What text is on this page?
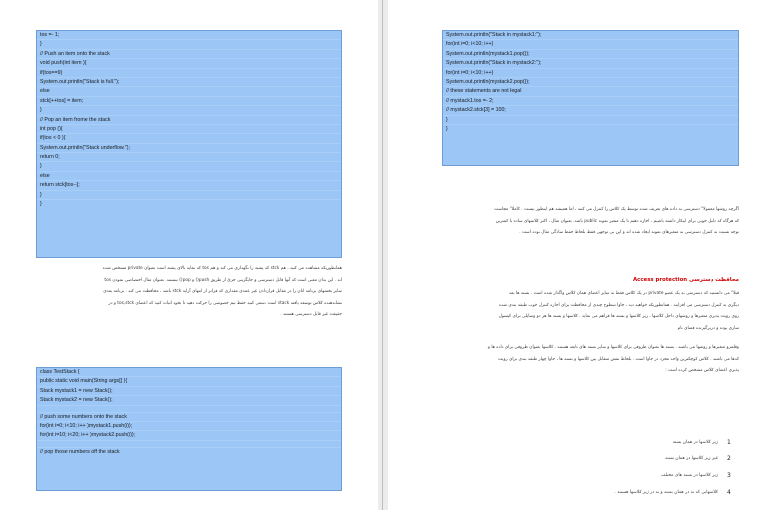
tos =- 1;
}
// Push an item onto the stack
void push(int item ){
if(tos==9)
System.out.println("Stack is full.");
else
stck[++tos] = item;
}
// Pop an item frome the stack
int pop (){
if(tos < 0 ){
System.out.println("Stack underflow.");
return 0;
}
else
return stck[tos--];
}
}
همانطوریکه مشاهده می کنید ، هم stck که پشته را نگهداری می کند و هم tos که نمایه بالای پشته است بعنوان private مشخص شده
اند . این بدان معنی است که آنها قابل دسترسی و جایگزینی جزئ از طریق push() و pop() نیستند. بعنوان مثال اختصاصی نمودن tos
سایر بخشهای برنامه اتان را در مقابل قراردادن غیر عمدی مقداری که فراتر از انتهای آرایه stck باشد ، محافظت می کند . برنامه بعدی
نشاندهنده کلاس توسعه یافته stack است ،سعی کنید حفظ تیم خصوصی را حرکت دهید تا بخود اثبات کنید که اعضای tos,stck و در
حقیقت غیر قابل دسترسی هستند .
class TestStack {
public static void main(String args[] ){
Stack mystack1 = new Stack();
Stack mystack2 = new Stack();
// push some numbers onto the stack
for(int i=0; i<10; i++ )mystack1.push(i));
for(int i=10; i<20; i++ )mystack2.push(i));
// pop those numbers off the stack
System.out.println("Stack in mystack1:");
for(int i=0; i<10; i++)
System.out.println(mystack1.pop());
System.out.println("Stack in mystack2:");
for(int i=0; i<10; i++)
System.out.println(mystack2.pop());
// these statements are not legal
// mystack1.tos =- 2;
// mystack2.stck[3] = 100;
}
}
اگرچه روشها معمولا" دسترسی به داده های تعریف شده توسط یک کلاس را کنترل می کنند ، اما همیشه هم اینطور نیست . کاملا" مجاست
که هرگاه که دلیل خوبی برای اینکار داشته باشیم ، اجازه دهیم تا یک متغیر نمونه public باشد. بعنوان مثال ، اکثر کلاسهای ساده با کمترین
توجه نسبت به کنترل دسترسی به متغیرهای نمونه ایجاد شده اند و این بی توجهی فقط بلحاظ حفظ سادگی مثال بوده است .
محافظت دسترسی Access protection
قبلا" می دانستید که دسترسی به یک عضو private در یک کلاس فقط به سایر اعضای همان کلاس واگذار شده است . بسته ها بعد
دیگری به کنترل دسترسی می افزایند . همانطوریکه خواهید دید ، جاوا سطوح چندی از محافظت برای اجازه کنترل خوب طبقه بندی شده
روی رویت پذیری متغیرها و روشهای داخل کلاسها ، زیر کلاسها و بسته ها فراهم می نماید . کلاسها و بسته ها هر دو وسایلی برای کپسول
سازی بوده و دربرگیرنده فضای نام
وقلمرو متغیرها و روشها می باشند . بسته ها بعنوان ظروفی برای کلاسها و سایر بسته های تابعه هستند . کلاسها بعنوان ظروفی برای داده ها و
کدها می باشند . کلاس کوچکترین واحد مجرد در جاوا است . بلحاظ نقش متقابل بین کلاسها و بسته ها ، جاوا چهار طبقه بندی برای رویت
پذیری اعضای کلاس مشخص کرده است :
1
زیر کلاسها در همان بسته
2
غیر زیر کلاسها در همان بسته
3
زیر کلاسها در بسته های مختلف
4
کلاسهایی که نه در همان بسته و نه در زیر کلاسها هستند .
